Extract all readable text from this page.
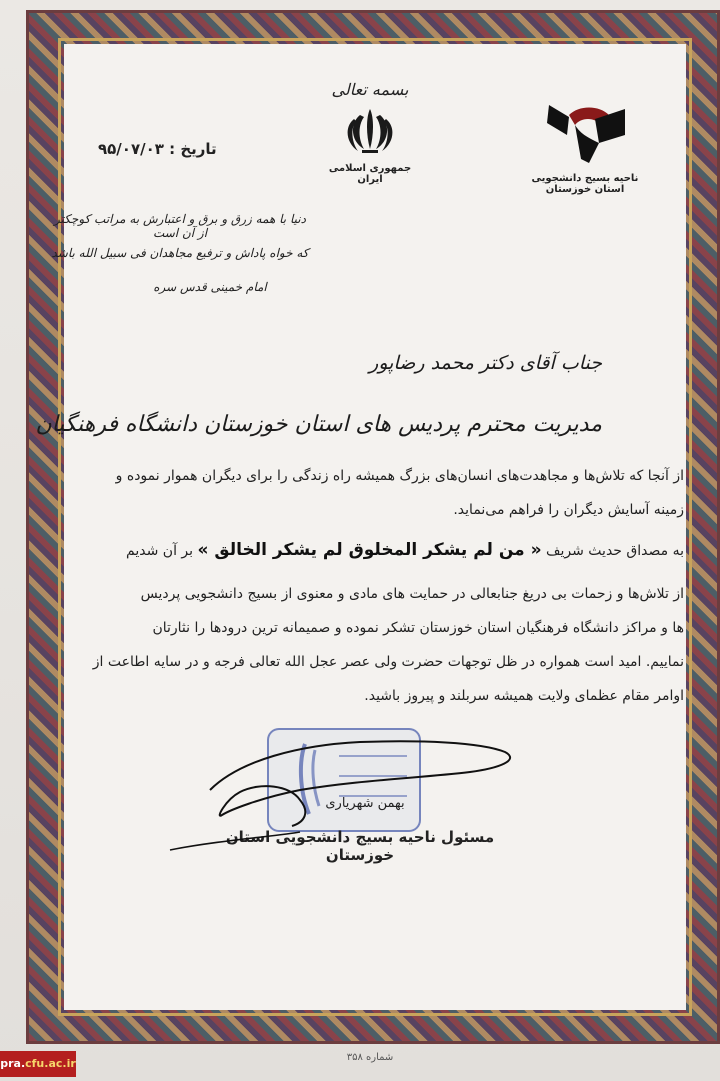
تاریخ : ۹۵/۰۷/۰۳
بسمه تعالی
جمهوری اسلامی ایران	ناحیه بسیج دانشجویی استان خوزستان
دنیا با همه زرق و برق و اعتبارش به مراتب کوچکتر از آن است
که خواه پاداش و ترفیع مجاهدان فی سبیل الله باشد
امام خمینی قدس سره
جناب آقای دکتر محمد رضاپور
مدیریت محترم پردیس های استان خوزستان دانشگاه فرهنگیان
از آنجا که تلاش‌ها و مجاهدت‌های انسان‌های بزرگ همیشه راه زندگی را برای دیگران هموار نموده و
زمینه آسایش دیگران را فراهم می‌نماید.
به مصداق حدیث شریف « من لم یشکر المخلوق لم یشکر الخالق » بر آن شدیم
از تلاش‌ها و زحمات بی دریغ جنابعالی در حمایت های مادی و معنوی از بسیج دانشجویی پردیس
ها و مراکز دانشگاه فرهنگیان استان خوزستان تشکر نموده و صمیمانه ترین درودها را نثارتان
نماییم. امید است همواره در ظل توجهات حضرت ولی عصر عجل الله تعالی فرجه و در سایه اطاعت از
اوامر مقام عظمای ولایت همیشه سربلند و پیروز باشید.
بهمن شهریاری
مسئول ناحیه بسیج دانشجویی استان خوزستان
شماره ۳۵۸
pra.cfu.ac.ir
